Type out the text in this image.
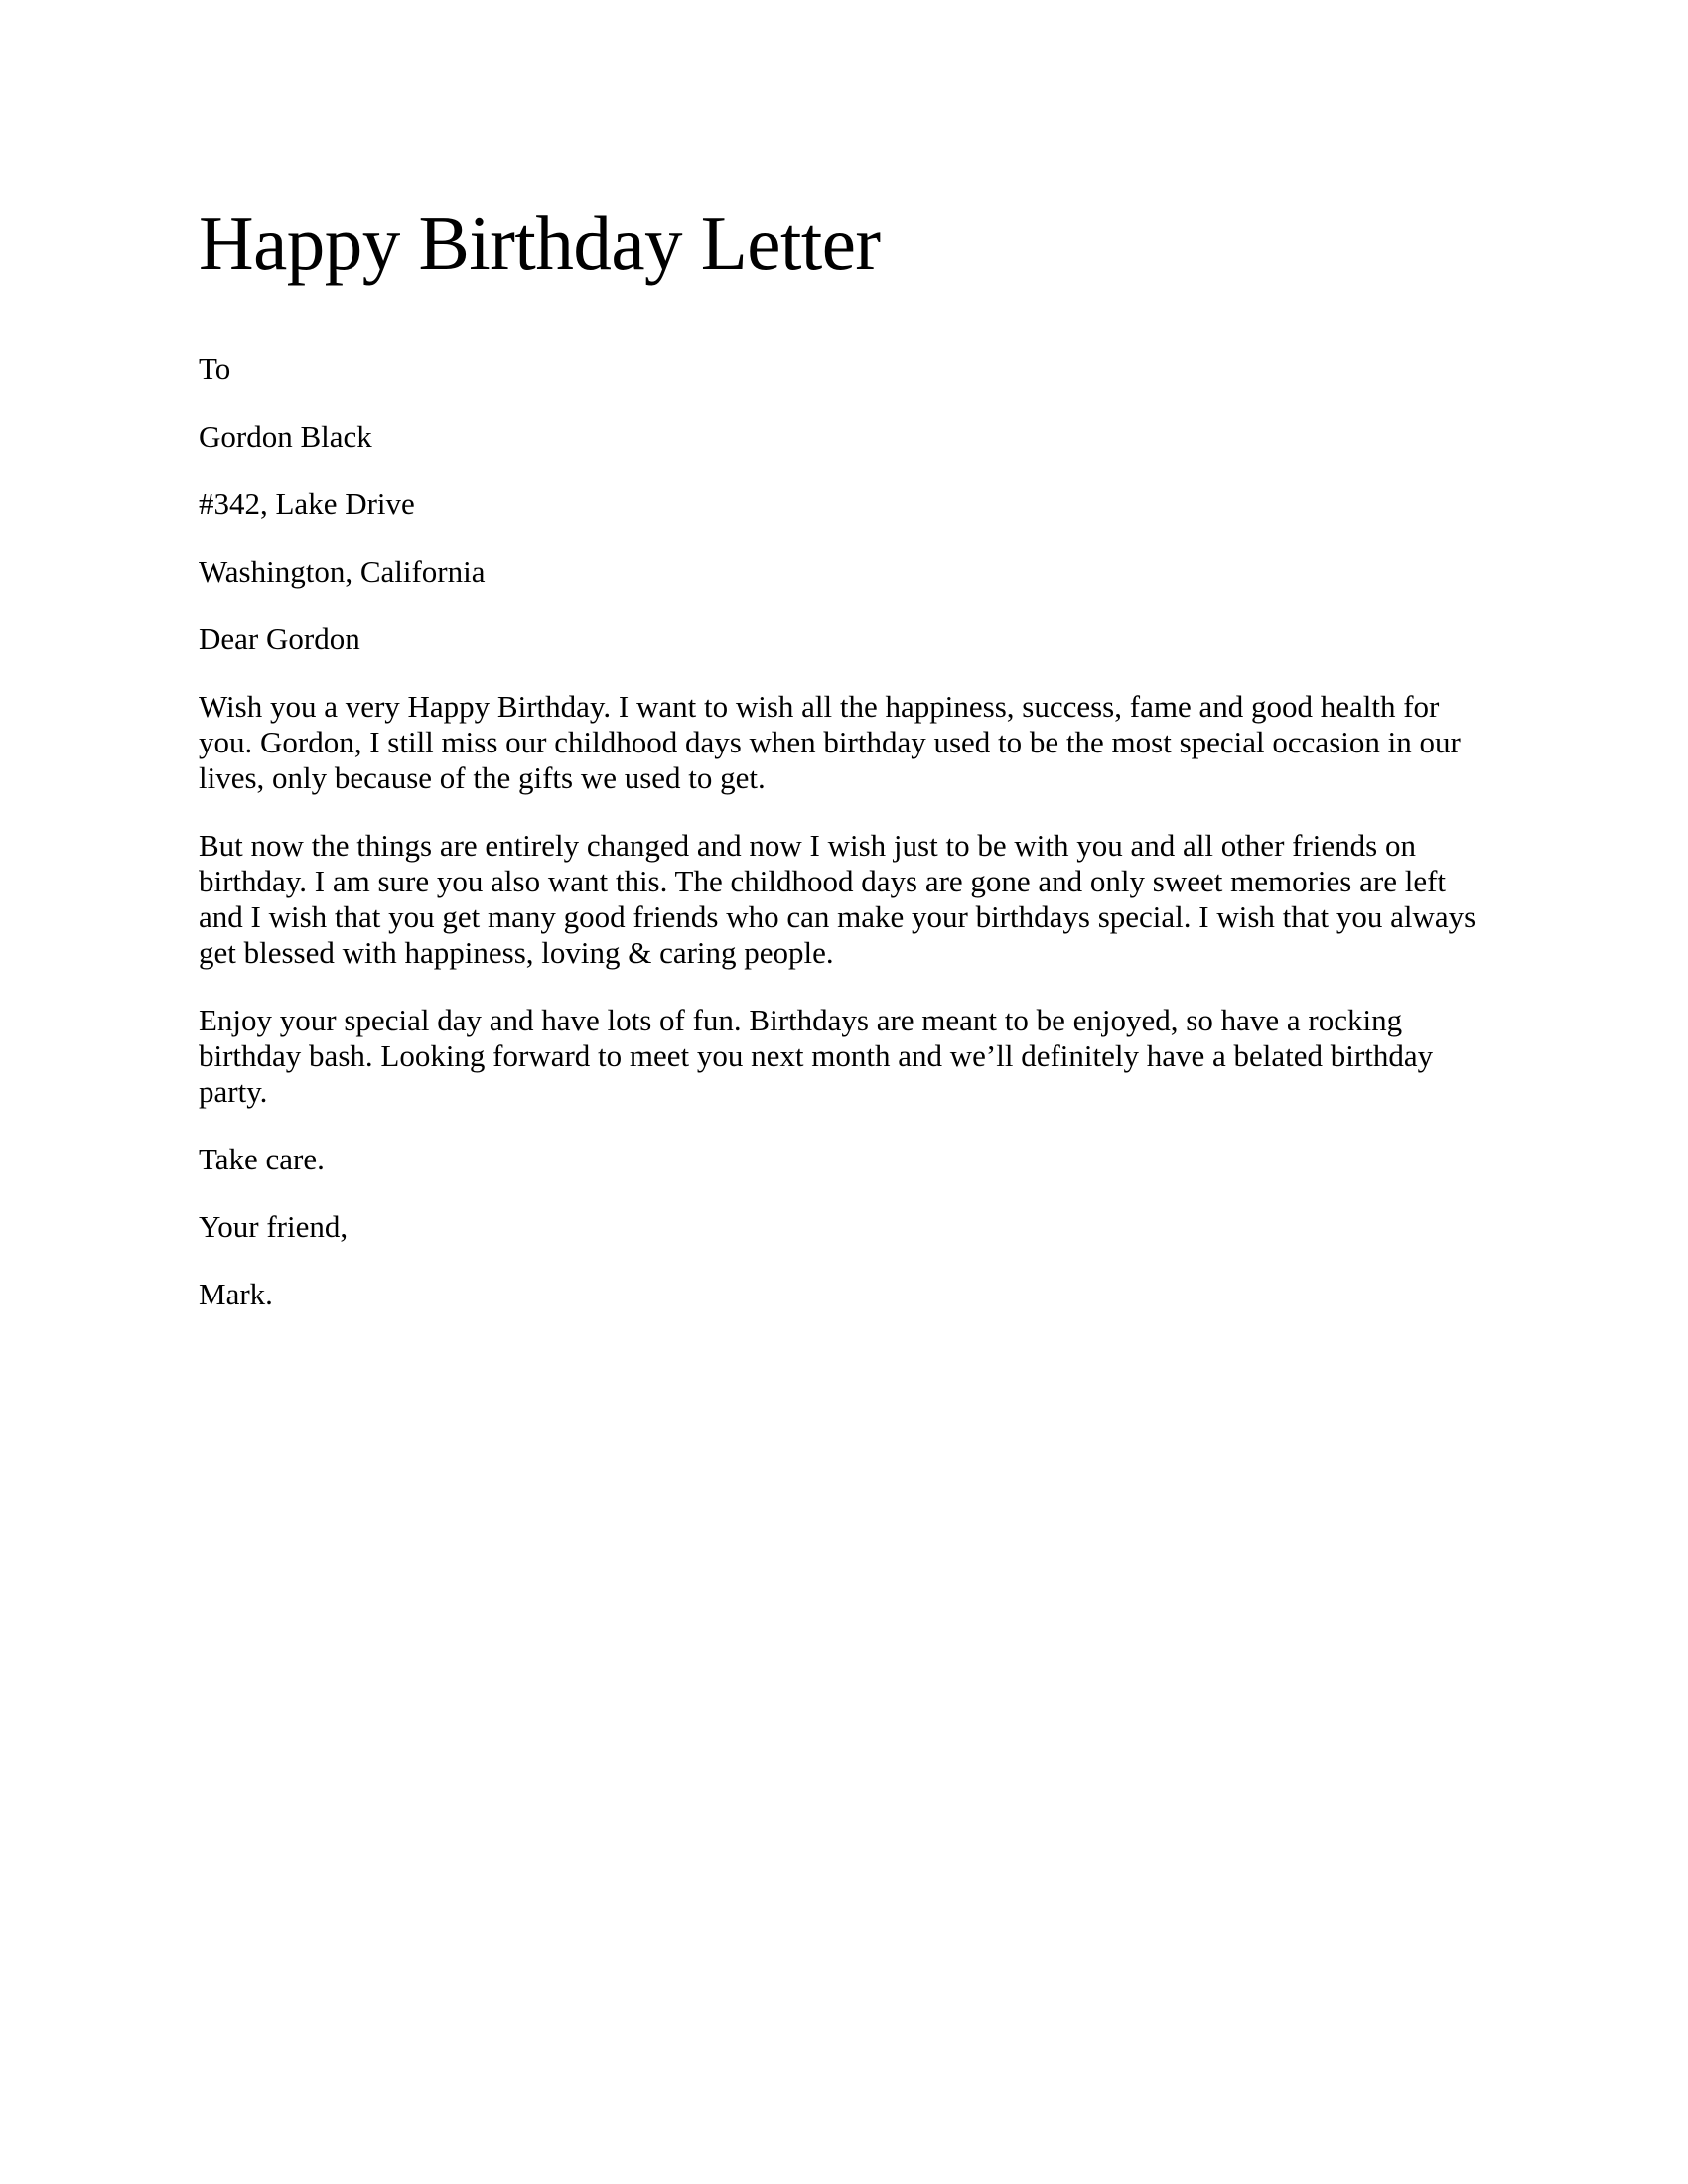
Happy Birthday Letter

To

Gordon Black

#342, Lake Drive

Washington, California

Dear Gordon

Wish you a very Happy Birthday. I want to wish all the happiness, success, fame and good health for you. Gordon, I still miss our childhood days when birthday used to be the most special occasion in our lives, only because of the gifts we used to get.

But now the things are entirely changed and now I wish just to be with you and all other friends on birthday. I am sure you also want this. The childhood days are gone and only sweet memories are left and I wish that you get many good friends who can make your birthdays special. I wish that you always get blessed with happiness, loving & caring people.

Enjoy your special day and have lots of fun. Birthdays are meant to be enjoyed, so have a rocking birthday bash. Looking forward to meet you next month and we’ll definitely have a belated birthday party.

Take care.

Your friend,

Mark.
